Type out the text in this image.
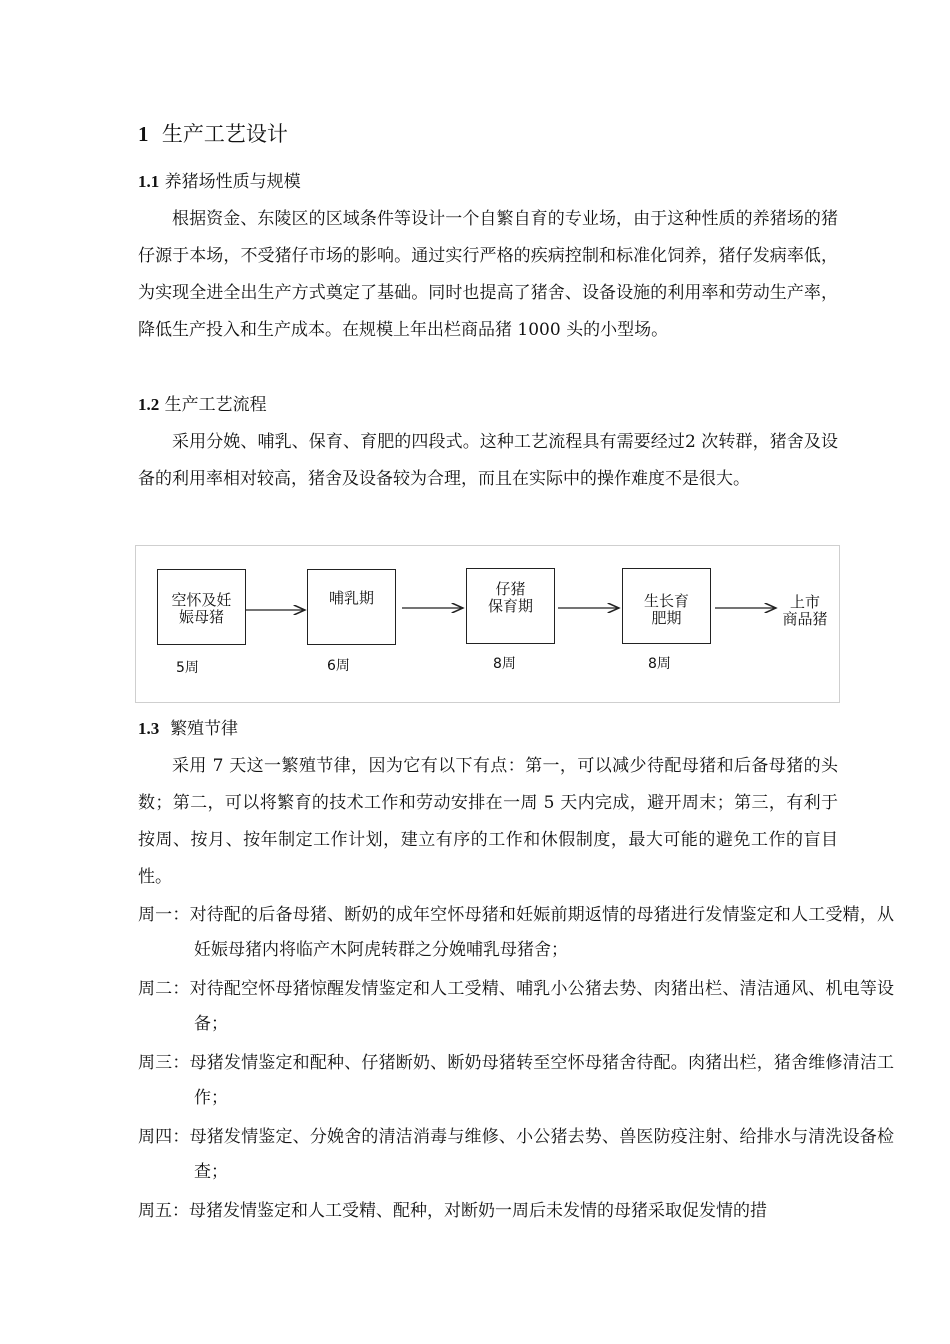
1 生产工艺设计
1.1 养猪场性质与规模

根据资金、东陵区的区域条件等设计一个自繁自育的专业场，由于这种性质的养猪场的猪仔源于本场，不受猪仔市场的影响。通过实行严格的疾病控制和标准化饲养，猪仔发病率低，为实现全进全出生产方式奠定了基础。同时也提高了猪舍、设备设施的利用率和劳动生产率，降低生产投入和生产成本。在规模上年出栏商品猪 1000 头的小型场。

1.2 生产工艺流程

采用分娩、哺乳、保育、育肥的四段式。这种工艺流程具有需要经过2 次转群，猪舍及设备的利用率相对较高，猪舍及设备较为合理，而且在实际中的操作难度不是很大。

空怀及妊
娠母猪
哺乳期	仔猪
保育期	生长育
肥期
上市
商品猪
5周	6周	8周	8周
1.3 繁殖节律

采用 7 天这一繁殖节律，因为它有以下有点：第一，可以减少待配母猪和后备母猪的头数；第二，可以将繁育的技术工作和劳动安排在一周 5 天内完成，避开周末；第三，有利于按周、按月、按年制定工作计划，建立有序的工作和休假制度，最大可能的避免工作的盲目性。

周一：对待配的后备母猪、断奶的成年空怀母猪和妊娠前期返情的母猪进行发情鉴定和人工受精，从妊娠母猪内将临产木阿虎转群之分娩哺乳母猪舍；

周二：对待配空怀母猪惊醒发情鉴定和人工受精、哺乳小公猪去势、肉猪出栏、清洁通风、机电等设备；

周三：母猪发情鉴定和配种、仔猪断奶、断奶母猪转至空怀母猪舍待配。肉猪出栏，猪舍维修清洁工作；

周四：母猪发情鉴定、分娩舍的清洁消毒与维修、小公猪去势、兽医防疫注射、给排水与清洗设备检查；

周五：母猪发情鉴定和人工受精、配种，对断奶一周后未发情的母猪采取促发情的措
